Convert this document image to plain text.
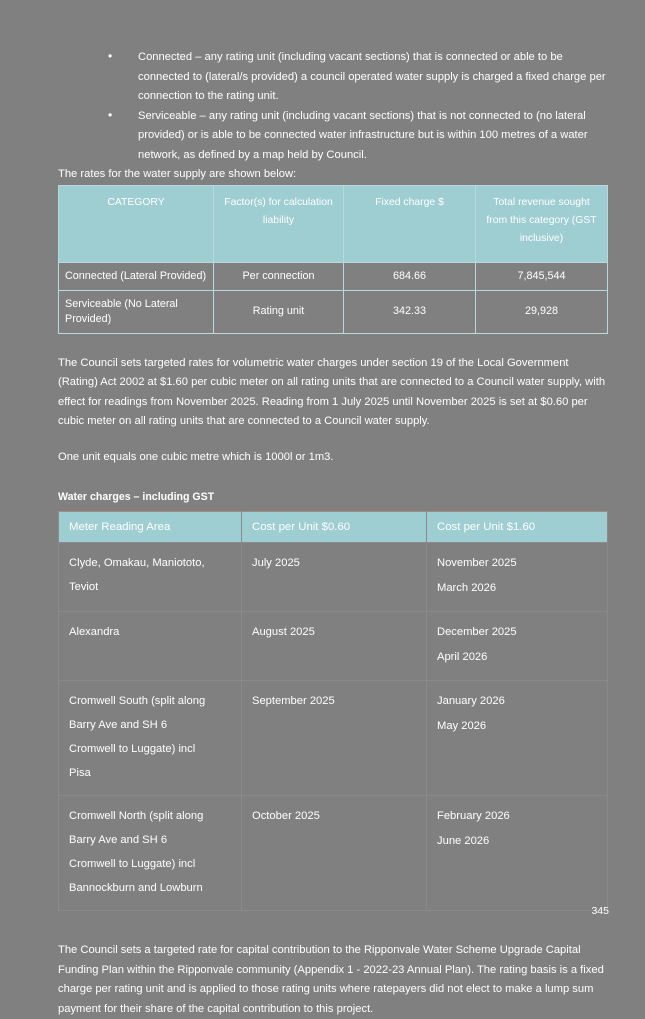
• Connected – any rating unit (including vacant sections) that is connected or able to be connected to (lateral/s provided) a council operated water supply is charged a fixed charge per connection to the rating unit.
• Serviceable – any rating unit (including vacant sections) that is not connected to (no lateral provided) or is able to be connected water infrastructure but is within 100 metres of a water network, as defined by a map held by Council.

The rates for the water supply are shown below:

CATEGORY	Factor(s) for calculation liability	Fixed charge $	Total revenue sought from this category (GST inclusive)
Connected (Lateral Provided)	Per connection	684.66	7,845,544
Serviceable (No Lateral Provided)	Rating unit	342.33	29,928

The Council sets targeted rates for volumetric water charges under section 19 of the Local Government (Rating) Act 2002 at $1.60 per cubic meter on all rating units that are connected to a Council water supply, with effect for readings from November 2025. Reading from 1 July 2025 until November 2025 is set at $0.60 per cubic meter on all rating units that are connected to a Council water supply.

One unit equals one cubic metre which is 1000l or 1m3.

Water charges – including GST

Meter Reading Area	Cost per Unit $0.60	Cost per Unit $1.60

Clyde, Omakau, Maniototo,
Teviot	July 2025	November 2025
March 2026

Alexandra	August 2025	December 2025
April 2026

Cromwell South (split along
Barry Ave and SH 6
Cromwell to Luggate) incl
Pisa	September 2025	January 2026
May 2026

Cromwell North (split along
Barry Ave and SH 6
Cromwell to Luggate) incl
Bannockburn and Lowburn	October 2025	February 2026
June 2026

The Council sets a targeted rate for capital contribution to the Ripponvale Water Scheme Upgrade Capital Funding Plan within the Ripponvale community (Appendix 1 - 2022-23 Annual Plan). The rating basis is a fixed charge per rating unit and is applied to those rating units where ratepayers did not elect to make a lump sum payment for their share of the capital contribution to this project.

345
